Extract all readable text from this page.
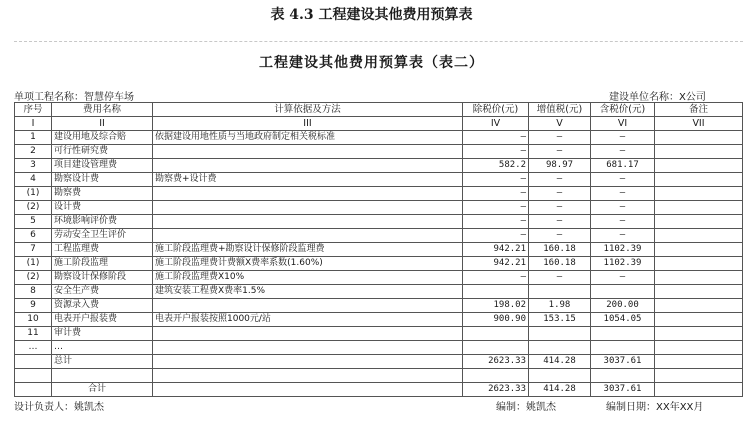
表 4.3 工程建设其他费用预算表
工程建设其他费用预算表（表二）
单项工程名称：智慧停车场	建设单位名称：X公司
序号	费用名称	计算依据及方法	除税价(元)	增值税(元)	含税价(元)	备注
I	II	III	IV	V	VI	VII
1	建设用地及综合赔	依据建设用地性质与当地政府制定相关税标准	—	—	—	
2	可行性研究费		—	—	—	
3	项目建设管理费		582.2	98.97	681.17	
4	勘察设计费	勘察费+设计费	—	—	—	
(1)	勘察费		—	—	—	
(2)	设计费		—	—	—	
5	环境影响评价费		—	—	—	
6	劳动安全卫生评价		—	—	—	
7	工程监理费	施工阶段监理费+勘察设计保修阶段监理费	942.21	160.18	1102.39	
(1)	施工阶段监理	施工阶段监理费计费额X费率系数(1.60%)	942.21	160.18	1102.39	
(2)	勘察设计保修阶段	施工阶段监理费X10%	—	—	—	
8	安全生产费	建筑安装工程费X费率1.5%				
9	资源录入费		198.02	1.98	200.00	
10	电表开户报装费	电表开户报装按照1000元/站	900.90	153.15	1054.05	
11	审计费					
…	…					
	总计		2623.33	414.28	3037.61	

	合计		2623.33	414.28	3037.61	
设计负责人：姚凯杰	编制：姚凯杰	编制日期：XX年XX月
